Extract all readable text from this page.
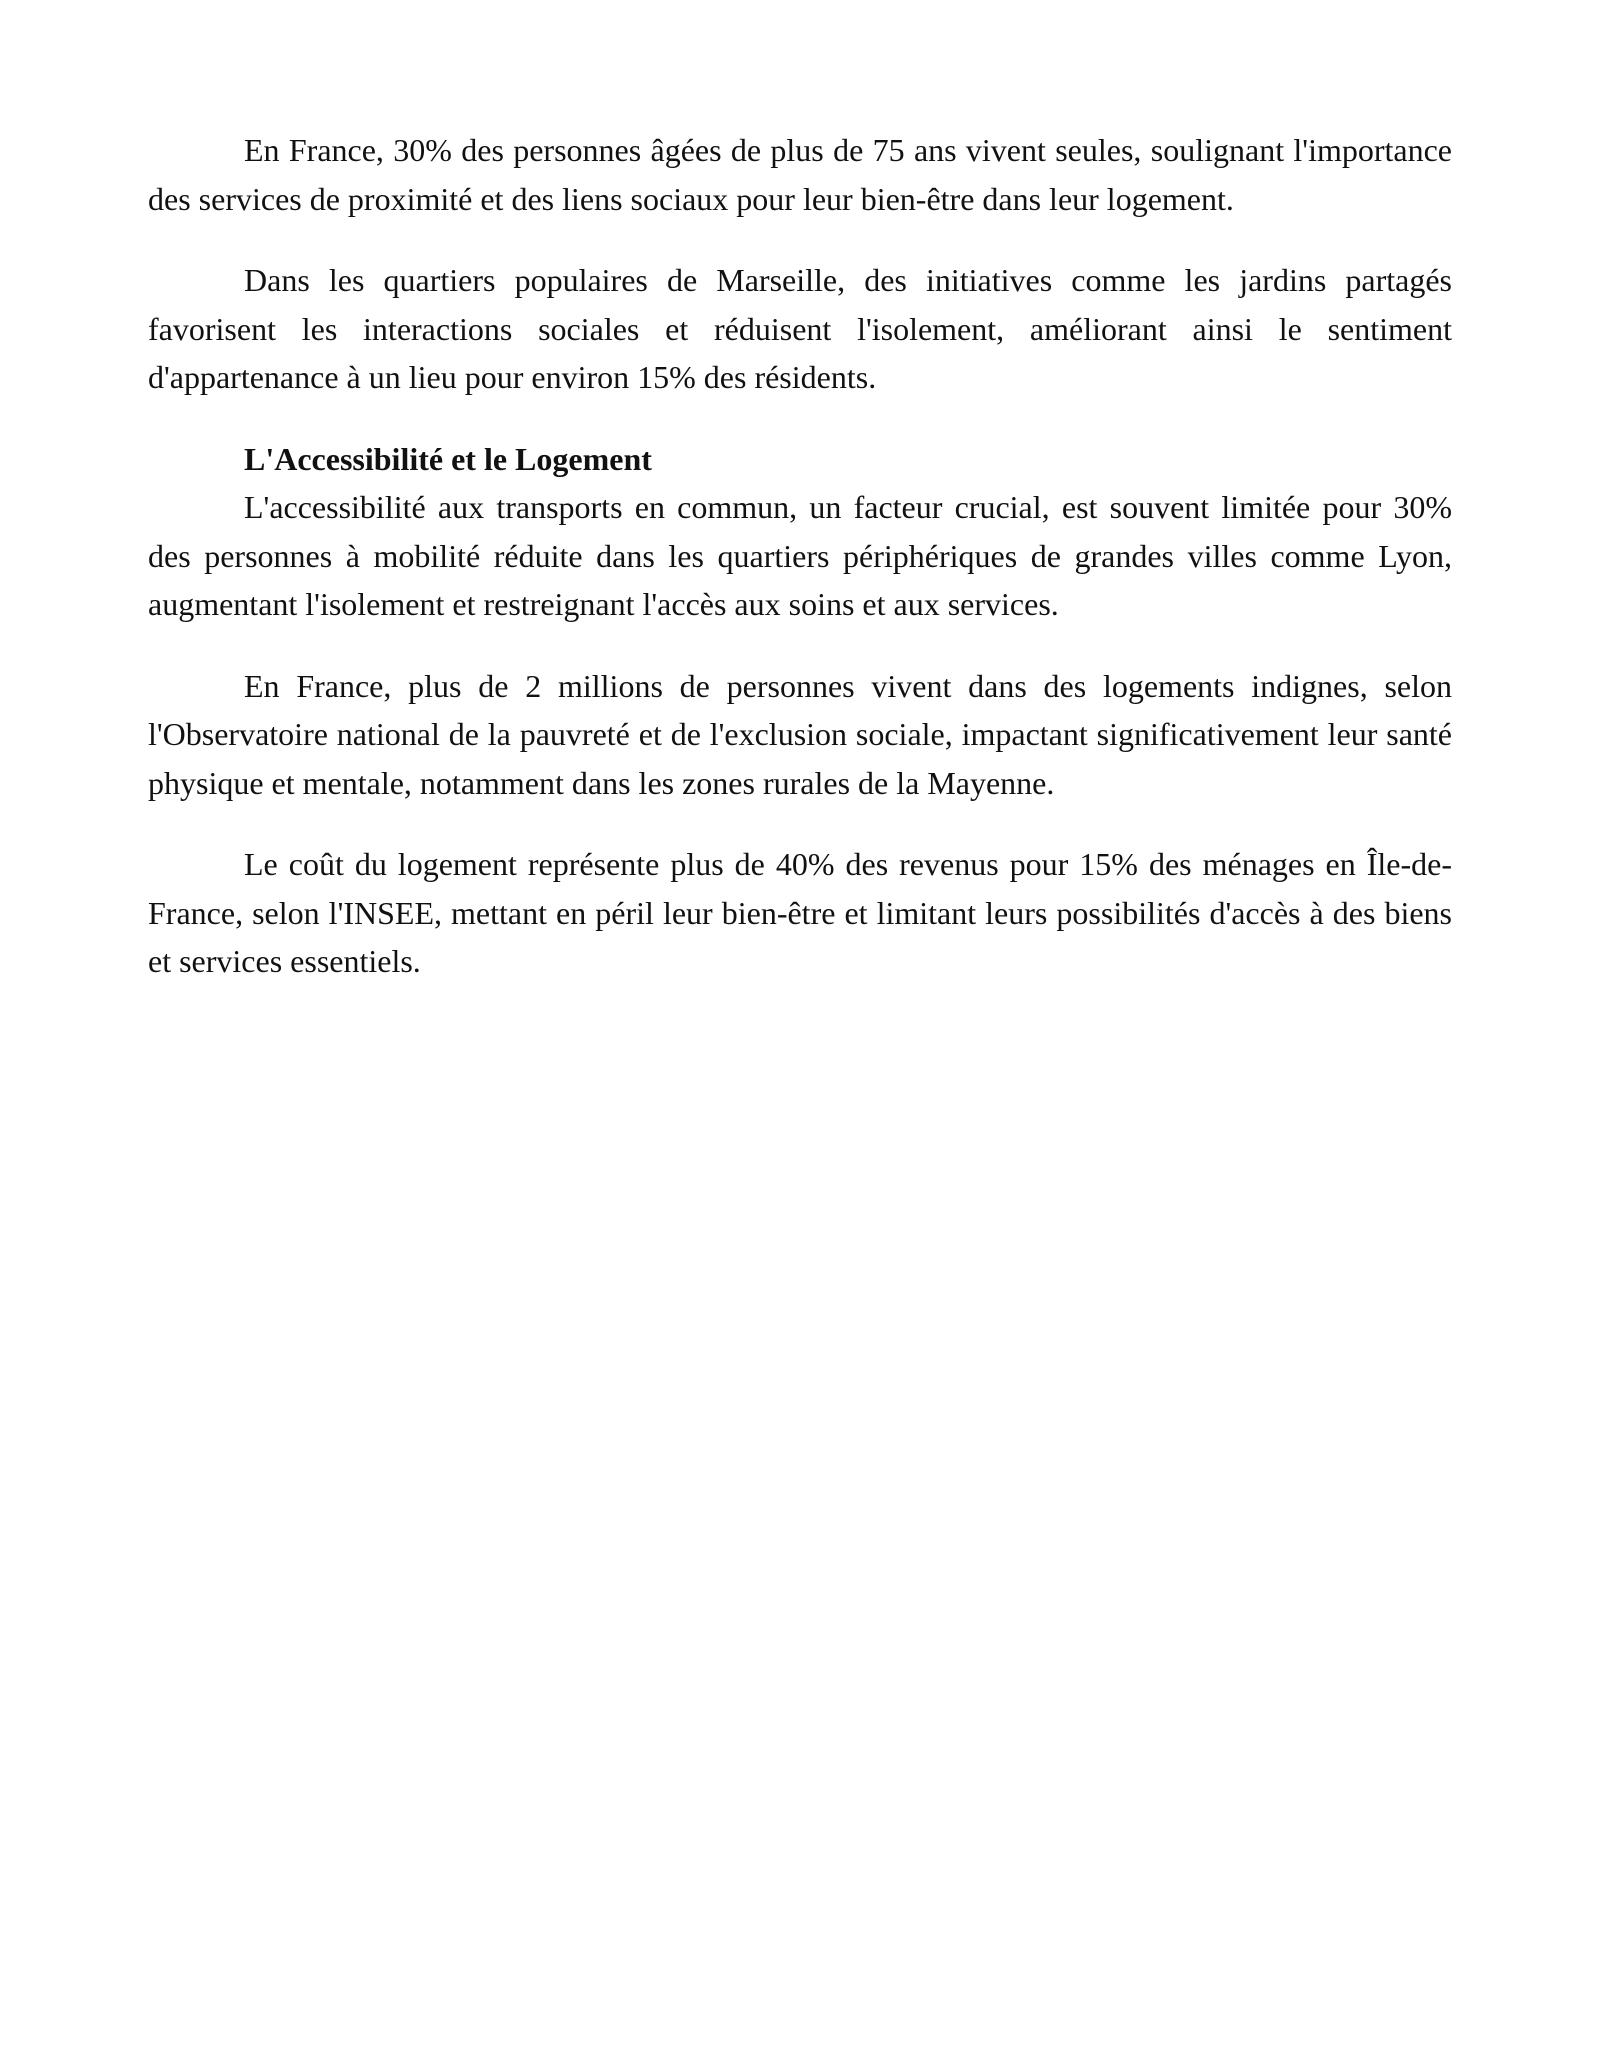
En France, 30% des personnes âgées de plus de 75 ans vivent seules, soulignant l'importance des services de proximité et des liens sociaux pour leur bien-être dans leur logement.

Dans les quartiers populaires de Marseille, des initiatives comme les jardins partagés favorisent les interactions sociales et réduisent l'isolement, améliorant ainsi le sentiment d'appartenance à un lieu pour environ 15% des résidents.

L'Accessibilité et le Logement

L'accessibilité aux transports en commun, un facteur crucial, est souvent limitée pour 30% des personnes à mobilité réduite dans les quartiers périphériques de grandes villes comme Lyon, augmentant l'isolement et restreignant l'accès aux soins et aux services.

En France, plus de 2 millions de personnes vivent dans des logements indignes, selon l'Observatoire national de la pauvreté et de l'exclusion sociale, impactant significativement leur santé physique et mentale, notamment dans les zones rurales de la Mayenne.

Le coût du logement représente plus de 40% des revenus pour 15% des ménages en Île-de-France, selon l'INSEE, mettant en péril leur bien-être et limitant leurs possibilités d'accès à des biens et services essentiels.
